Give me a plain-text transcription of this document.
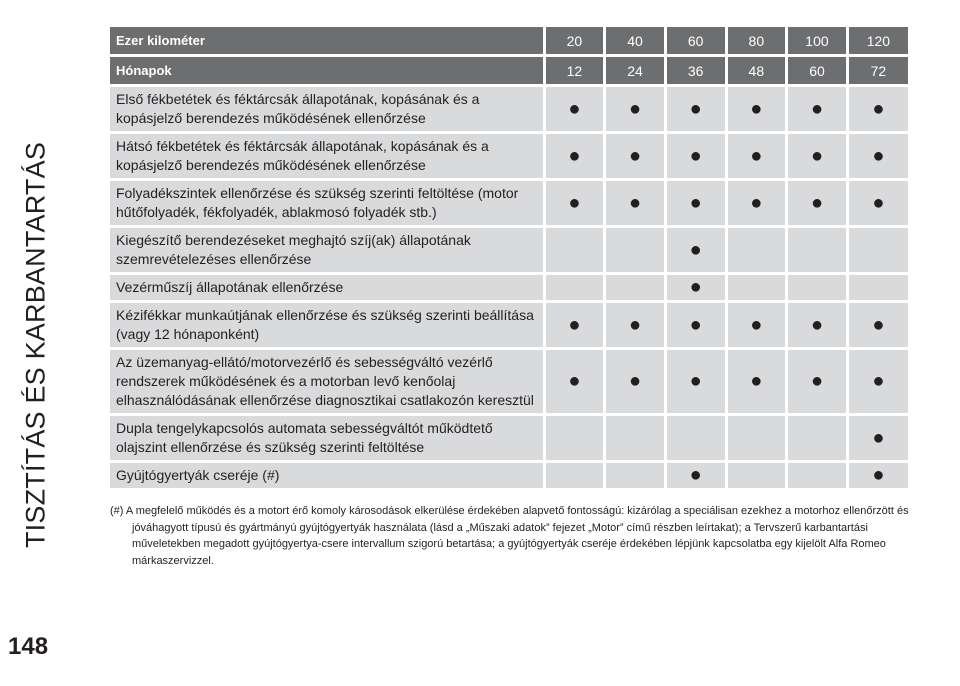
TISZTÍTÁS ÉS KARBANTARTÁS
Ezer kilométer	20	40	60	80	100	120
Hónapok	12	24	36	48	60	72
Első fékbetétek és féktárcsák állapotának, kopásának és a kopásjelző berendezés működésének ellenőrzése	●	●	●	●	●	●
Hátsó fékbetétek és féktárcsák állapotának, kopásának és a kopásjelző berendezés működésének ellenőrzése	●	●	●	●	●	●
Folyadékszintek ellenőrzése és szükség szerinti feltöltése (motor hűtőfolyadék, fékfolyadék, ablakmosó folyadék stb.)	●	●	●	●	●	●
Kiegészítő berendezéseket meghajtó szíj(ak) állapotának szemrevételezéses ellenőrzése			●			
Vezérműszíj állapotának ellenőrzése			●			
Kézifékkar munkaútjának ellenőrzése és szükség szerinti beállítása (vagy 12 hónaponként)	●	●	●	●	●	●
Az üzemanyag-ellátó/motorvezérlő és sebességváltó vezérlő rendszerek működésének és a motorban levő kenőolaj elhasználódásának ellenőrzése diagnosztikai csatlakozón keresztül	●	●	●	●	●	●
Dupla tengelykapcsolós automata sebességváltót működtető olajszint ellenőrzése és szükség szerinti feltöltése						●
Gyújtógyertyák cseréje (#)			●			●
(#) A megfelelő működés és a motort érő komoly károsodások elkerülése érdekében alapvető fontosságú: kizárólag a speciálisan ezekhez a motorhoz ellenőrzött és jóváhagyott típusú és gyártmányú gyújtógyertyák használata (lásd a „Műszaki adatok” fejezet „Motor” című részben leírtakat); a Tervszerű karbantartási műveletekben megadott gyújtógyertya-csere intervallum szigorú betartása; a gyújtógyertyák cseréje érdekében lépjünk kapcsolatba egy kijelölt Alfa Romeo márkaszervizzel.
148
